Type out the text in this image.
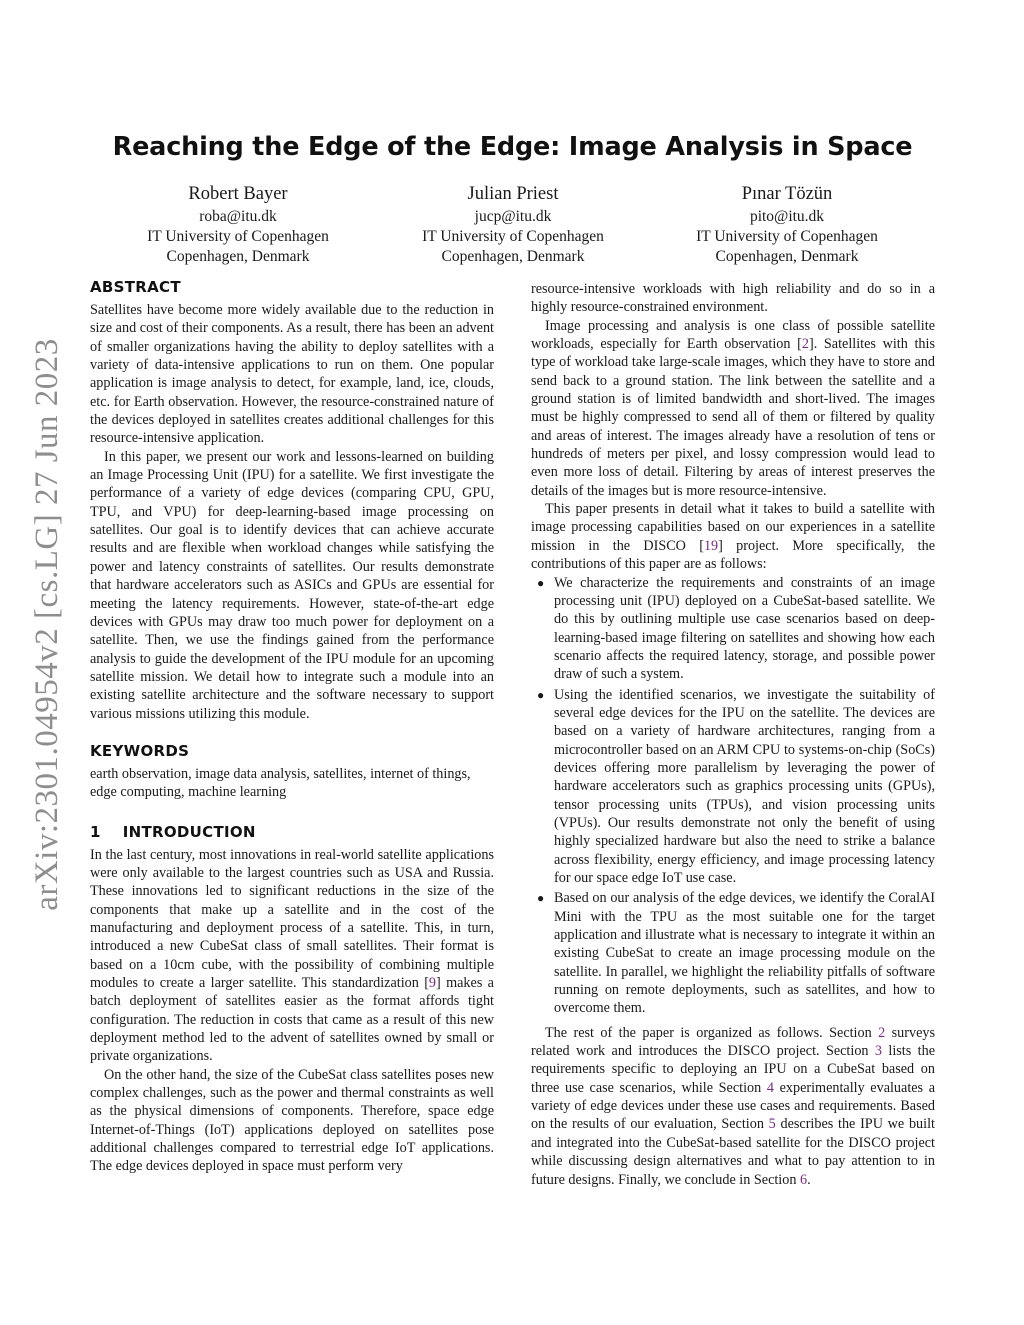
arXiv:2301.04954v2 [cs.LG] 27 Jun 2023
Reaching the Edge of the Edge: Image Analysis in Space
Robert Bayer
roba@itu.dk
IT University of Copenhagen
Copenhagen, Denmark
Julian Priest
jucp@itu.dk
IT University of Copenhagen
Copenhagen, Denmark
Pınar Tözün
pito@itu.dk
IT University of Copenhagen
Copenhagen, Denmark
ABSTRACT

Satellites have become more widely available due to the reduction in size and cost of their components. As a result, there has been an advent of smaller organizations having the ability to deploy satellites with a variety of data-intensive applications to run on them. One popular application is image analysis to detect, for example, land, ice, clouds, etc. for Earth observation. However, the resource-constrained nature of the devices deployed in satellites creates additional challenges for this resource-intensive application.

In this paper, we present our work and lessons-learned on building an Image Processing Unit (IPU) for a satellite. We first investigate the performance of a variety of edge devices (comparing CPU, GPU, TPU, and VPU) for deep-learning-based image processing on satellites. Our goal is to identify devices that can achieve accurate results and are flexible when workload changes while satisfying the power and latency constraints of satellites. Our results demonstrate that hardware accelerators such as ASICs and GPUs are essential for meeting the latency requirements. However, state-of-the-art edge devices with GPUs may draw too much power for deployment on a satellite. Then, we use the findings gained from the performance analysis to guide the development of the IPU module for an upcoming satellite mission. We detail how to integrate such a module into an existing satellite architecture and the software necessary to support various missions utilizing this module.

KEYWORDS

earth observation, image data analysis, satellites, internet of things, edge computing, machine learning

1 INTRODUCTION

In the last century, most innovations in real-world satellite applications were only available to the largest countries such as USA and Russia. These innovations led to significant reductions in the size of the components that make up a satellite and in the cost of the manufacturing and deployment process of a satellite. This, in turn, introduced a new CubeSat class of small satellites. Their format is based on a 10cm cube, with the possibility of combining multiple modules to create a larger satellite. This standardization [9] makes a batch deployment of satellites easier as the format affords tight configuration. The reduction in costs that came as a result of this new deployment method led to the advent of satellites owned by small or private organizations.

On the other hand, the size of the CubeSat class satellites poses new complex challenges, such as the power and thermal constraints as well as the physical dimensions of components. Therefore, space edge Internet-of-Things (IoT) applications deployed on satellites pose additional challenges compared to terrestrial edge IoT applications. The edge devices deployed in space must perform very

resource-intensive workloads with high reliability and do so in a highly resource-constrained environment.

Image processing and analysis is one class of possible satellite workloads, especially for Earth observation [2]. Satellites with this type of workload take large-scale images, which they have to store and send back to a ground station. The link between the satellite and a ground station is of limited bandwidth and short-lived. The images must be highly compressed to send all of them or filtered by quality and areas of interest. The images already have a resolution of tens or hundreds of meters per pixel, and lossy compression would lead to even more loss of detail. Filtering by areas of interest preserves the details of the images but is more resource-intensive.

This paper presents in detail what it takes to build a satellite with image processing capabilities based on our experiences in a satellite mission in the DISCO [19] project. More specifically, the contributions of this paper are as follows:

● We characterize the requirements and constraints of an image processing unit (IPU) deployed on a CubeSat-based satellite. We do this by outlining multiple use case scenarios based on deep-learning-based image filtering on satellites and showing how each scenario affects the required latency, storage, and possible power draw of such a system.
● Using the identified scenarios, we investigate the suitability of several edge devices for the IPU on the satellite. The devices are based on a variety of hardware architectures, ranging from a microcontroller based on an ARM CPU to systems-on-chip (SoCs) devices offering more parallelism by leveraging the power of hardware accelerators such as graphics processing units (GPUs), tensor processing units (TPUs), and vision processing units (VPUs). Our results demonstrate not only the benefit of using highly specialized hardware but also the need to strike a balance across flexibility, energy efficiency, and image processing latency for our space edge IoT use case.
● Based on our analysis of the edge devices, we identify the CoralAI Mini with the TPU as the most suitable one for the target application and illustrate what is necessary to integrate it within an existing CubeSat to create an image processing module on the satellite. In parallel, we highlight the reliability pitfalls of software running on remote deployments, such as satellites, and how to overcome them.

The rest of the paper is organized as follows. Section 2 surveys related work and introduces the DISCO project. Section 3 lists the requirements specific to deploying an IPU on a CubeSat based on three use case scenarios, while Section 4 experimentally evaluates a variety of edge devices under these use cases and requirements. Based on the results of our evaluation, Section 5 describes the IPU we built and integrated into the CubeSat-based satellite for the DISCO project while discussing design alternatives and what to pay attention to in future designs. Finally, we conclude in Section 6.
